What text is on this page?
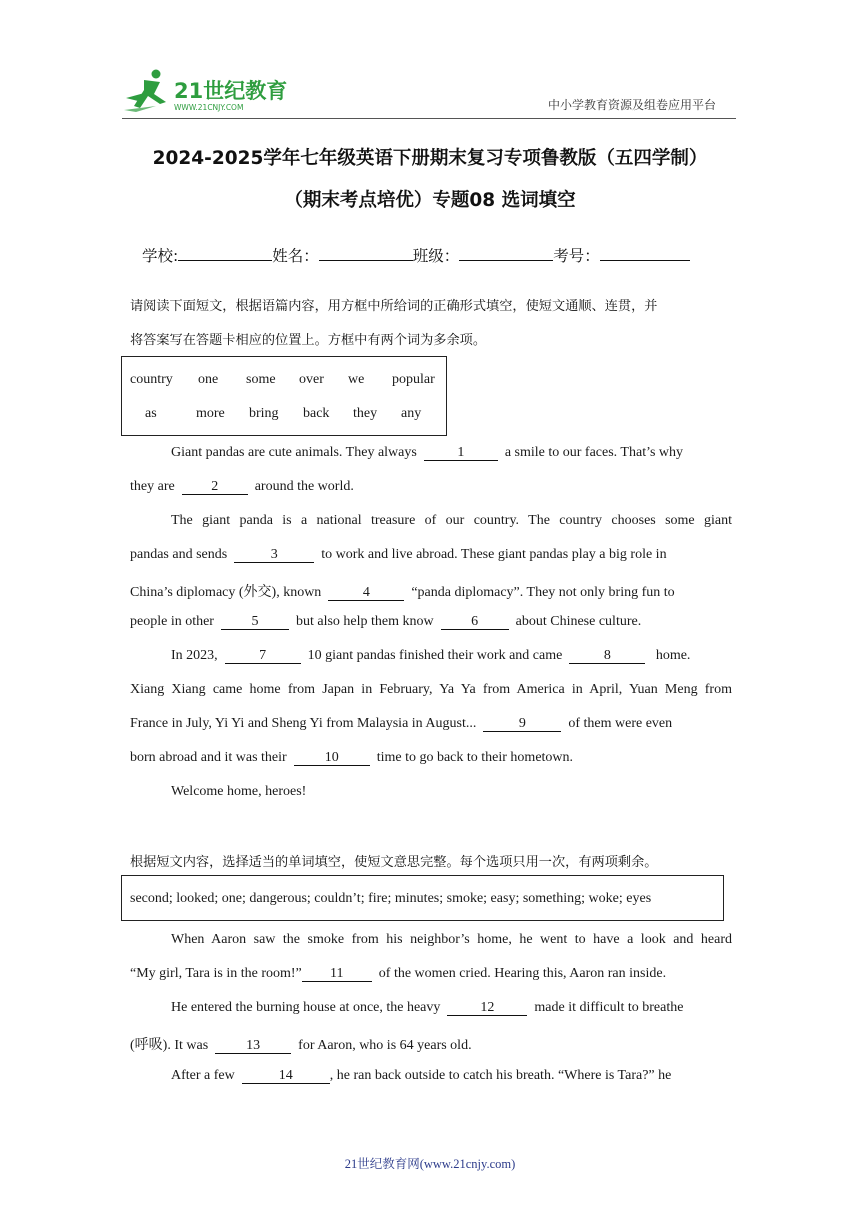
21世纪教育
WWW.21CNJY.COM	中小学教育资源及组卷应用平台
2024-2025学年七年级英语下册期末复习专项鲁教版（五四学制）
（期末考点培优）专题08 选词填空
学校:	姓名：	班级：	考号：
请阅读下面短文，根据语篇内容，用方框中所给词的正确形式填空，使短文通顺、连贯，并
将答案写在答题卡相应的位置上。方框中有两个词为多余项。
country one some over we popular
as	more bring back they any
Giant pandas are cute animals. They always	1	a smile to our faces. That’s why
they are	2	around the world.
The giant panda is a national treasure of our country. The country chooses some giant
pandas and sends	3	to work and live abroad. These giant pandas play a big role in
China’s diplomacy (外交), known	4	“panda diplomacy”. They not only bring fun to
people in other	5	but also help them know	6	about Chinese culture.
In 2023,	7	10 giant pandas finished their work and came	8	home.
Xiang Xiang came home from Japan in February, Ya Ya from America in April, Yuan Meng from
France in July, Yi Yi and Sheng Yi from Malaysia in August...	9	of them were even
born abroad and it was their	10	time to go back to their hometown.
Welcome home, heroes!
根据短文内容，选择适当的单词填空，使短文意思完整。每个选项只用一次，有两项剩余。
second; looked; one; dangerous; couldn’t; fire; minutes; smoke; easy; something; woke; eyes
When Aaron saw the smoke from his neighbor’s home, he went to have a look and heard
“My girl, Tara is in the room!” 11	of the women cried. Hearing this, Aaron ran inside.
He entered the burning house at once, the heavy	12	made it difficult to breathe
(呼吸). It was	13	for Aaron, who is 64 years old.
After a few	14	, he ran back outside to catch his breath. “Where is Tara?” he
21世纪教育网(www.21cnjy.com)
